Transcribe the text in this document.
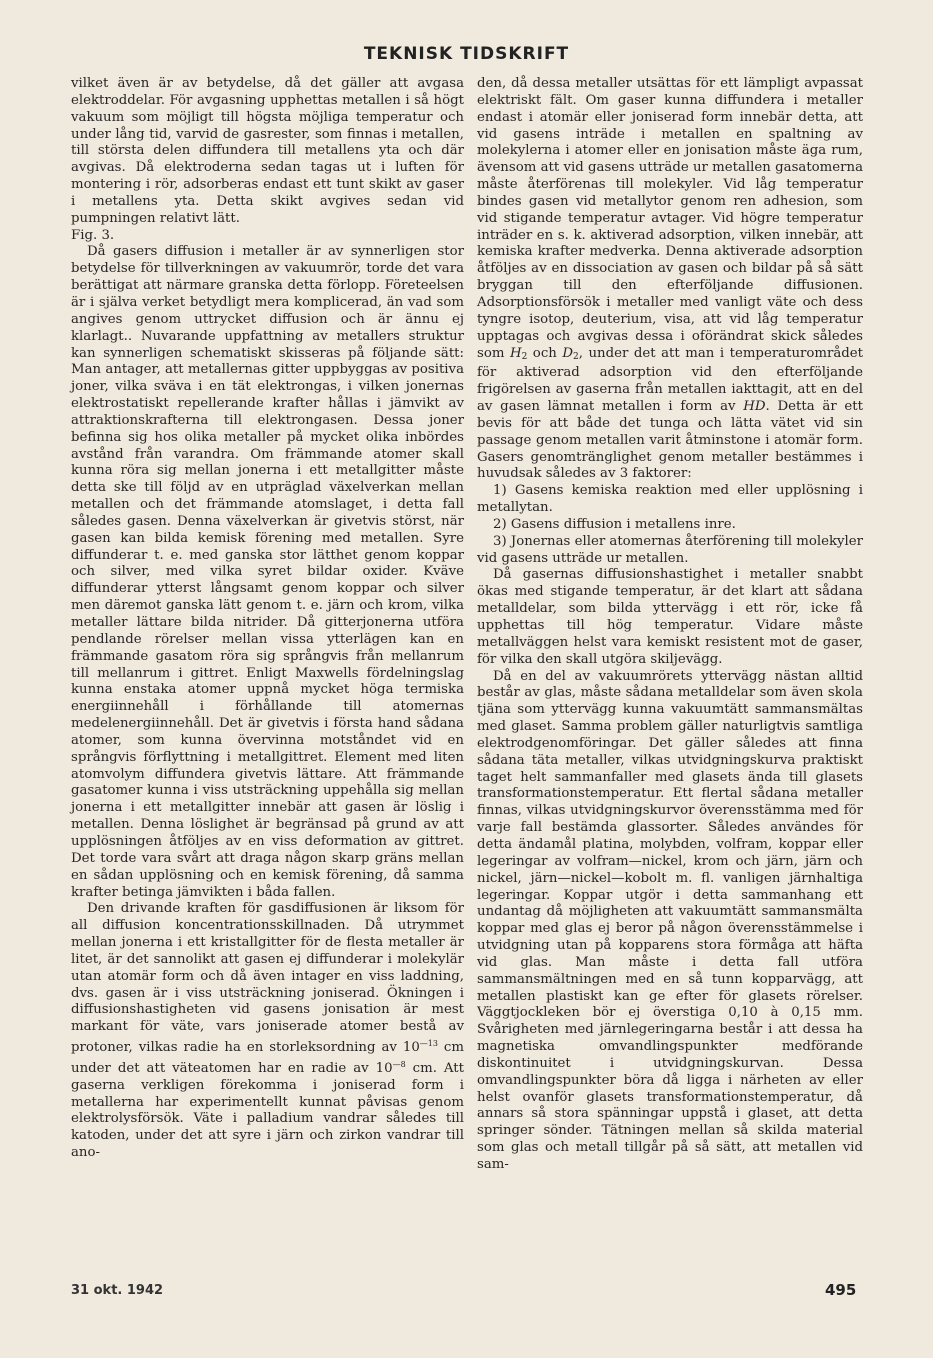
TEKNISK TIDSKRIFT

vilket även är av betydelse, då det gäller att avgasa elektroddelar. För avgasning upphettas metallen i så högt vakuum som möjligt till högsta möjliga temperatur och under lång tid, varvid de gasrester, som finnas i metallen, till största delen diffundera till metallens yta och där avgivas. Då elektroderna sedan tagas ut i luften för montering i rör, adsorberas endast ett tunt skikt av gaser i metallens yta. Detta skikt avgives sedan vid pumpningen relativt lätt.

Fig. 3.

Då gasers diffusion i metaller är av synnerligen stor betydelse för tillverkningen av vakuumrör, torde det vara berättigat att närmare granska detta förlopp. Företeelsen är i själva verket betydligt mera komplicerad, än vad som angives genom uttrycket diffusion och är ännu ej klarlagt.. Nuvarande uppfattning av metallers struktur kan synnerligen schematiskt skisseras på följande sätt: Man antager, att metallernas gitter uppbyggas av positiva joner, vilka sväva i en tät elektrongas, i vilken jonernas elektrostatiskt repellerande krafter hållas i jämvikt av attraktionskrafterna till elektrongasen. Dessa joner befinna sig hos olika metaller på mycket olika inbördes avstånd från varandra. Om främmande atomer skall kunna röra sig mellan jonerna i ett metallgitter måste detta ske till följd av en utpräglad växelverkan mellan metallen och det främmande atomslaget, i detta fall således gasen. Denna växelverkan är givetvis störst, när gasen kan bilda kemisk förening med metallen. Syre diffunderar t. e. med ganska stor lätthet genom koppar och silver, med vilka syret bildar oxider. Kväve diffunderar ytterst långsamt genom koppar och silver men däremot ganska lätt genom t. e. järn och krom, vilka metaller lättare bilda nitrider. Då gitterjonerna utföra pendlande rörelser mellan vissa ytterlägen kan en främmande gasatom röra sig språngvis från mellanrum till mellanrum i gittret. Enligt Maxwells fördelningslag kunna enstaka atomer uppnå mycket höga termiska energiinnehåll i förhållande till atomernas medelenergiinnehåll. Det är givetvis i första hand sådana atomer, som kunna övervinna motståndet vid en språngvis förflyttning i metallgittret. Element med liten atomvolym diffundera givetvis lättare. Att främmande gasatomer kunna i viss utsträckning uppehålla sig mellan jonerna i ett metallgitter innebär att gasen är löslig i metallen. Denna löslighet är begränsad på grund av att upplösningen åtföljes av en viss deformation av gittret. Det torde vara svårt att draga någon skarp gräns mellan en sådan upplösning och en kemisk förening, då samma krafter betinga jämvikten i båda fallen.

Den drivande kraften för gasdiffusionen är liksom för all diffusion koncentrationsskillnaden. Då utrymmet mellan jonerna i ett kristallgitter för de flesta metaller är litet, är det sannolikt att gasen ej diffunderar i molekylär utan atomär form och då även intager en viss laddning, dvs. gasen är i viss utsträckning joniserad. Ökningen i diffusionshastigheten vid gasens jonisation är mest markant för väte, vars joniserade atomer bestå av protoner, vilkas radie ha en storleksordning av $10^{—13}$ cm under det att väteatomen har en radie av $10^{—8}$ cm. Att gaserna verkligen förekomma i joniserad form i metallerna har experimentellt kunnat påvisas genom elektrolysförsök. Väte i palladium vandrar således till katoden, under det att syre i järn och zirkon vandrar till ano-

den, då dessa metaller utsättas för ett lämpligt avpassat elektriskt fält. Om gaser kunna diffundera i metaller endast i atomär eller joniserad form innebär detta, att vid gasens inträde i metallen en spaltning av molekylerna i atomer eller en jonisation måste äga rum, ävensom att vid gasens utträde ur metallen gasatomerna måste återförenas till molekyler. Vid låg temperatur bindes gasen vid metallytor genom ren adhesion, som vid stigande temperatur avtager. Vid högre temperatur inträder en s. k. aktiverad adsorption, vilken innebär, att kemiska krafter medverka. Denna aktiverade adsorption åtföljes av en dissociation av gasen och bildar på så sätt bryggan till den efterföljande diffusionen. Adsorptionsförsök i metaller med vanligt väte och dess tyngre isotop, deuterium, visa, att vid låg temperatur upptagas och avgivas dessa i oförändrat skick således som $H_2$ och $D_2$, under det att man i temperaturområdet för aktiverad adsorption vid den efterföljande frigörelsen av gaserna från metallen iakttagit, att en del av gasen lämnat metallen i form av HD. Detta är ett bevis för att både det tunga och lätta vätet vid sin passage genom metallen varit åtminstone i atomär form. Gasers genomtränglighet genom metaller bestämmes i huvudsak således av 3 faktorer:

1) Gasens kemiska reaktion med eller upplösning i metallytan.

2) Gasens diffusion i metallens inre.

3) Jonernas eller atomernas återförening till molekyler vid gasens utträde ur metallen.

Då gasernas diffusionshastighet i metaller snabbt ökas med stigande temperatur, är det klart att sådana metalldelar, som bilda yttervägg i ett rör, icke få upphettas till hög temperatur. Vidare måste metallväggen helst vara kemiskt resistent mot de gaser, för vilka den skall utgöra skiljevägg.

Då en del av vakuumrörets yttervägg nästan alltid består av glas, måste sådana metalldelar som även skola tjäna som yttervägg kunna vakuumtätt sammansmältas med glaset. Samma problem gäller naturligtvis samtliga elektrodgenomföringar. Det gäller således att finna sådana täta metaller, vilkas utvidgningskurva praktiskt taget helt sammanfaller med glasets ända till glasets transformationstemperatur. Ett flertal sådana metaller finnas, vilkas utvidgningskurvor överensstämma med för varje fall bestämda glassorter. Således användes för detta ändamål platina, molybden, volfram, koppar eller legeringar av volfram—nickel, krom och järn, järn och nickel, järn—nickel—kobolt m. fl. vanligen järnhaltiga legeringar. Koppar utgör i detta sammanhang ett undantag då möjligheten att vakuumtätt sammansmälta koppar med glas ej beror på någon överensstämmelse i utvidgning utan på kopparens stora förmåga att häfta vid glas. Man måste i detta fall utföra sammansmältningen med en så tunn kopparvägg, att metallen plastiskt kan ge efter för glasets rörelser. Väggtjockleken bör ej överstiga 0,10 à 0,15 mm. Svårigheten med järnlegeringarna består i att dessa ha magnetiska omvandlingspunkter medförande diskontinuitet i utvidgningskurvan. Dessa omvandlingspunkter böra då ligga i närheten av eller helst ovanför glasets transformationstemperatur, då annars så stora spänningar uppstå i glaset, att detta springer sönder. Tätningen mellan så skilda material som glas och metall tillgår på så sätt, att metallen vid sam-

31 okt. 1942	495
